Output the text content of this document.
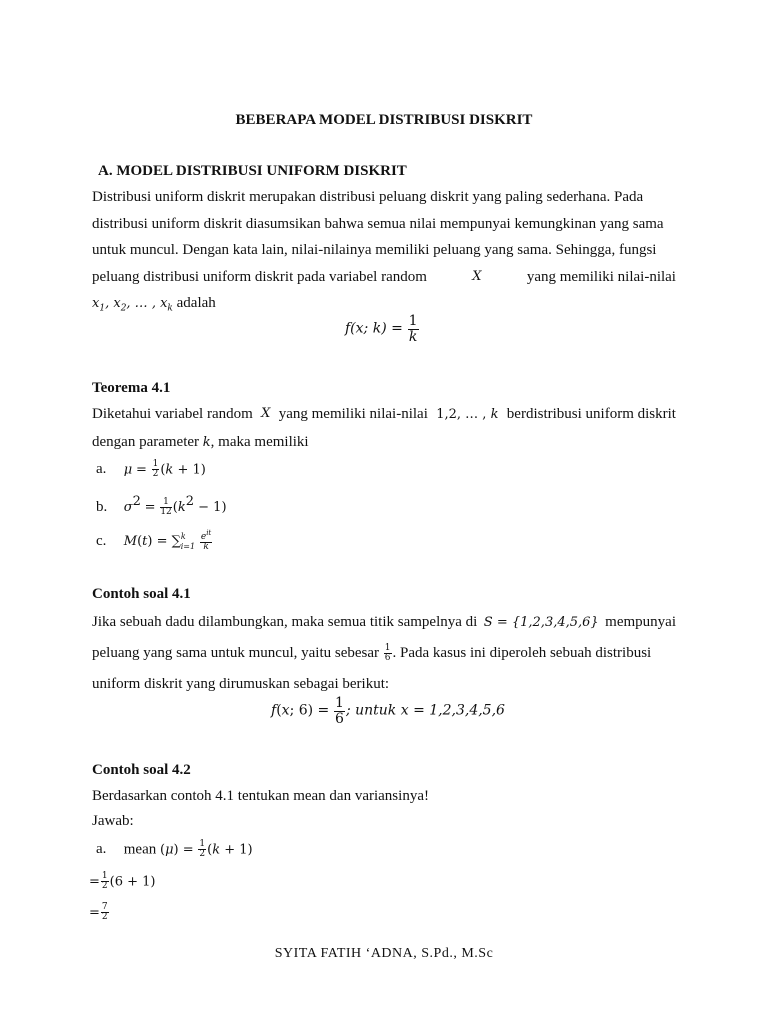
BEBERAPA MODEL DISTRIBUSI DISKRIT
A. MODEL DISTRIBUSI UNIFORM DISKRIT
Distribusi uniform diskrit merupakan distribusi peluang diskrit yang paling sederhana. Pada
distribusi uniform diskrit diasumsikan bahwa semua nilai mempunyai kemungkinan yang sama
untuk muncul. Dengan kata lain, nilai-nilainya memiliki peluang yang sama. Sehingga, fungsi
peluang distribusi uniform diskrit pada variabel random	X	yang memiliki nilai-nilai
$x_1$, $x_2$, … , $x_k$ adalah
f(x; $k) = \frac{1}{k}$
Teorema 4.1
Diketahui variabel random X yang memiliki nilai-nilai 1,2, … , k berdistribusi uniform diskrit
dengan parameter k, maka memiliki
a. $\mu = \frac{1}{2} (k + 1)$
b. $\sigma^2 = \frac{1}{12} (k^2 - 1)$
c. $M(t) = \sum^k_{i=1} \frac{e^{it}}{k}$
Contoh soal 4.1
Jika sebuah dadu dilambungkan, maka semua titik sampelnya di S = {1,2,3,4,5,6} mempunyai
peluang yang sama untuk muncul, yaitu sebesar $\frac{1}{6}$ . Pada kasus ini diperoleh sebuah distribusi
uniform diskrit yang dirumuskan sebagai berikut:
f(x; $6) = \frac{1}{6}$ ; untuk x = 1,2,3,4,5,6
Contoh soal 4.2
Berdasarkan contoh 4.1 tentukan mean dan variansinya!
Jawab:
a. mean $(\mu) = \frac{1}{2} (k + 1)$
= $\frac{1}{2} (6 + 1)$
= $\frac{7}{2}$
SYITA FATIH ‘ADNA, S.Pd., M.Sc
